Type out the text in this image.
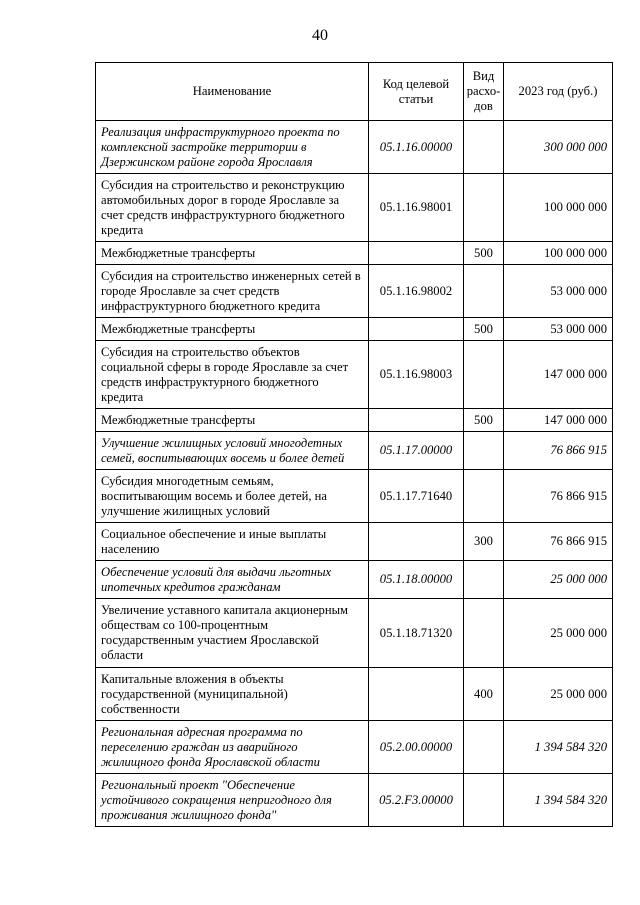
40
Наименование	Код целевой статьи	Вид расхо-дов	2023 год (руб.)
Реализация инфраструктурного проекта по комплексной застройке территории в Дзержинском районе города Ярославля	05.1.16.00000		300 000 000
Субсидия на строительство и реконструкцию автомобильных дорог в городе Ярославле за счет средств инфраструктурного бюджетного кредита	05.1.16.98001		100 000 000
Межбюджетные трансферты		500	100 000 000
Субсидия на строительство инженерных сетей в городе Ярославле за счет средств инфраструктурного бюджетного кредита	05.1.16.98002		53 000 000
Межбюджетные трансферты		500	53 000 000
Субсидия на строительство объектов социальной сферы в городе Ярославле за счет средств инфраструктурного бюджетного кредита	05.1.16.98003		147 000 000
Межбюджетные трансферты		500	147 000 000
Улучшение жилищных условий многодетных семей, воспитывающих восемь и более детей	05.1.17.00000		76 866 915
Субсидия многодетным семьям, воспитывающим восемь и более детей, на улучшение жилищных условий	05.1.17.71640		76 866 915
Социальное обеспечение и иные выплаты населению		300	76 866 915
Обеспечение условий для выдачи льготных ипотечных кредитов гражданам	05.1.18.00000		25 000 000
Увеличение уставного капитала акционерным обществам со 100-процентным государственным участием Ярославской области	05.1.18.71320		25 000 000
Капитальные вложения в объекты государственной (муниципальной) собственности		400	25 000 000
Региональная адресная программа по переселению граждан из аварийного жилищного фонда Ярославской области	05.2.00.00000		1 394 584 320
Региональный проект "Обеспечение устойчивого сокращения непригодного для проживания жилищного фонда"	05.2.F3.00000		1 394 584 320
